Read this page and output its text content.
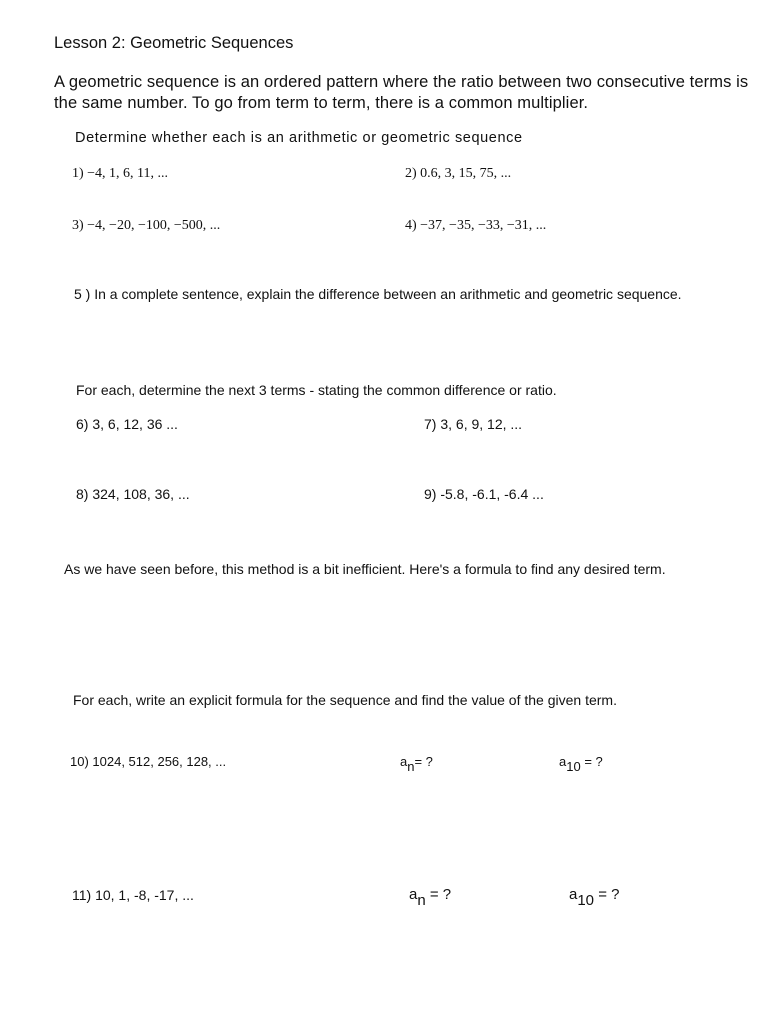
Lesson 2: Geometric Sequences
A geometric sequence is an ordered pattern where the ratio between two consecutive terms is the same number. To go from term to term, there is a common multiplier.
Determine whether each is an arithmetic or geometric sequence
1) −4, 1, 6, 11, ...	2) 0.6, 3, 15, 75, ...
3) −4, −20, −100, −500, ...	4) −37, −35, −33, −31, ...
5 ) In a complete sentence, explain the difference between an arithmetic and geometric sequence.
For each, determine the next 3 terms - stating the common difference or ratio.
6) 3, 6, 12, 36 ...	7) 3, 6, 9, 12, ...
8) 324, 108, 36, ...	9) -5.8, -6.1, -6.4 ...
As we have seen before, this method is a bit inefficient. Here's a formula to find any desired term.
For each, write an explicit formula for the sequence and find the value of the given term.
10) 1024, 512, 256, 128, ...	an= ?	a10 = ?
11) 10, 1, -8, -17, ...	an = ?	a10 = ?
